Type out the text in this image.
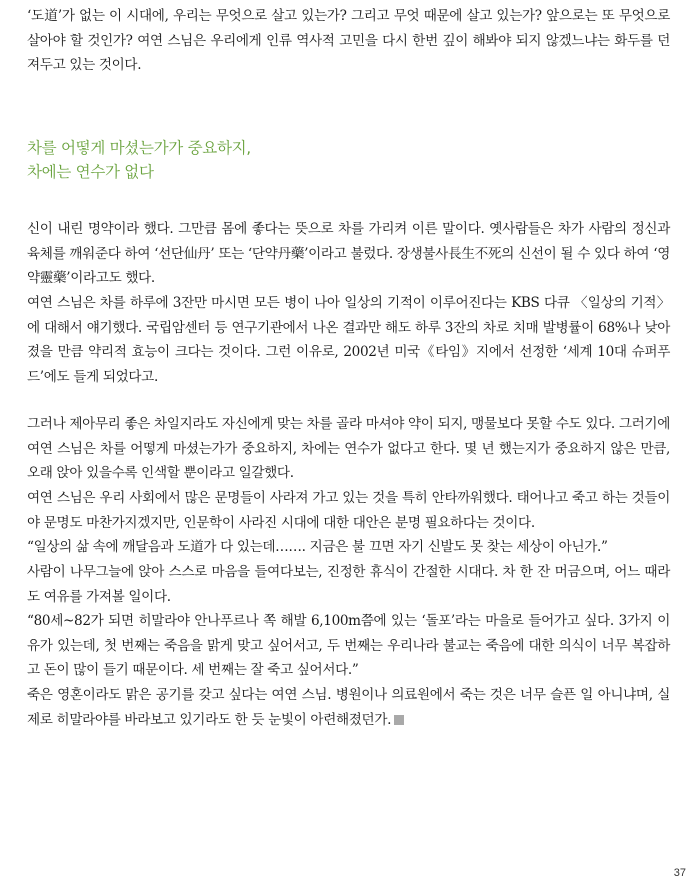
‘도道’가 없는 이 시대에, 우리는 무엇으로 살고 있는가? 그리고 무엇 때문에 살고 있는가? 앞으로는 또 무엇으로 살아야 할 것인가? 여연 스님은 우리에게 인류 역사적 고민을 다시 한번 깊이 해봐야 되지 않겠느냐는 화두를 던져두고 있는 것이다.

차를 어떻게 마셨는가가 중요하지,
차에는 연수가 없다

신이 내린 명약이라 했다. 그만큼 몸에 좋다는 뜻으로 차를 가리켜 이른 말이다. 옛사람들은 차가 사람의 정신과 육체를 깨워준다 하여 ‘선단仙丹’ 또는 ‘단약丹藥’이라고 불렀다. 장생불사長生不死의 신선이 될 수 있다 하여 ‘영약靈藥’이라고도 했다.

여연 스님은 차를 하루에 3잔만 마시면 모든 병이 나아 일상의 기적이 이루어진다는 KBS 다큐 〈일상의 기적〉에 대해서 얘기했다. 국립암센터 등 연구기관에서 나온 결과만 해도 하루 3잔의 차로 치매 발병률이 68%나 낮아졌을 만큼 약리적 효능이 크다는 것이다. 그런 이유로, 2002년 미국《타임》지에서 선정한 ‘세계 10대 슈퍼푸드’에도 들게 되었다고.

그러나 제아무리 좋은 차일지라도 자신에게 맞는 차를 골라 마셔야 약이 되지, 맹물보다 못할 수도 있다. 그러기에 여연 스님은 차를 어떻게 마셨는가가 중요하지, 차에는 연수가 없다고 한다. 몇 년 했는지가 중요하지 않은 만큼, 오래 앉아 있을수록 인색할 뿐이라고 일갈했다.

여연 스님은 우리 사회에서 많은 문명들이 사라져 가고 있는 것을 특히 안타까워했다. 태어나고 죽고 하는 것들이야 문명도 마찬가지겠지만, 인문학이 사라진 시대에 대한 대안은 분명 필요하다는 것이다.

“일상의 삶 속에 깨달음과 도道가 다 있는데……. 지금은 불 끄면 자기 신발도 못 찾는 세상이 아닌가.”

사람이 나무그늘에 앉아 스스로 마음을 들여다보는, 진정한 휴식이 간절한 시대다. 차 한 잔 머금으며, 어느 때라도 여유를 가져볼 일이다.

“80세~82가 되면 히말라야 안나푸르나 쪽 해발 6,100m쯤에 있는 ‘돌포’라는 마을로 들어가고 싶다. 3가지 이유가 있는데, 첫 번째는 죽음을 맑게 맞고 싶어서고, 두 번째는 우리나라 불교는 죽음에 대한 의식이 너무 복잡하고 돈이 많이 들기 때문이다. 세 번째는 잘 죽고 싶어서다.”

죽은 영혼이라도 맑은 공기를 갖고 싶다는 여연 스님. 병원이나 의료원에서 죽는 것은 너무 슬픈 일 아니냐며, 실제로 히말라야를 바라보고 있기라도 한 듯 눈빛이 아련해졌던가.

37
